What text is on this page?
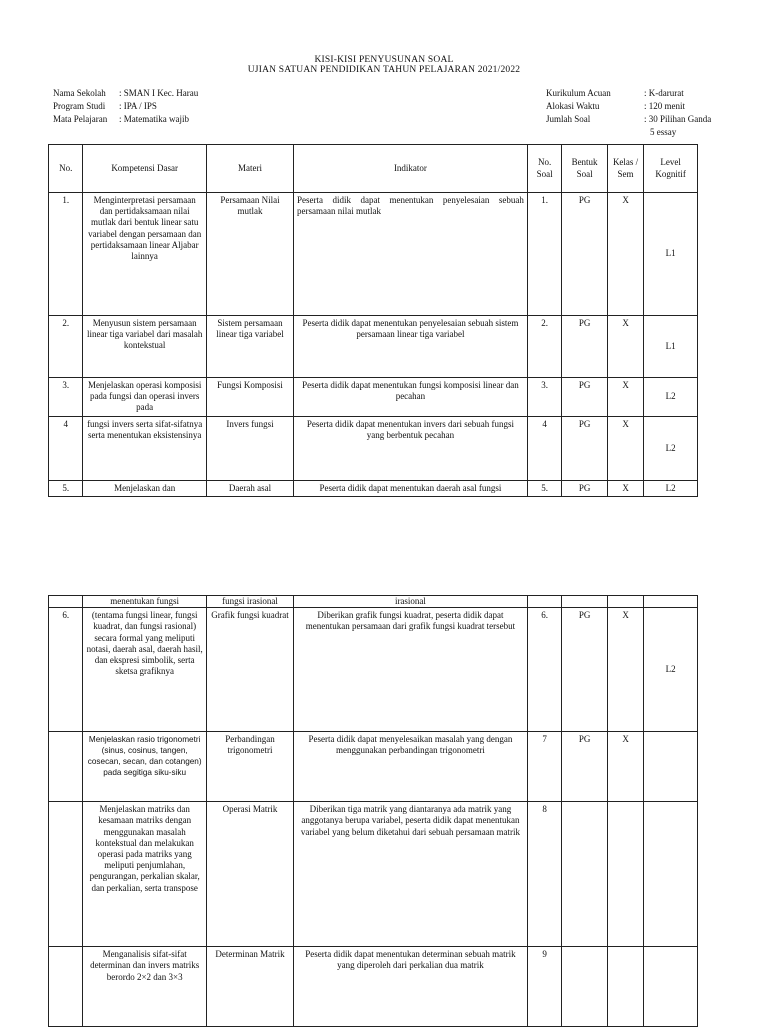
KISI-KISI PENYUSUNAN SOAL
UJIAN SATUAN PENDIDIKAN TAHUN PELAJARAN 2021/2022
Nama Sekolah	: SMAN I Kec. Harau
Program Studi	: IPA / IPS
Mata Pelajaran	: Matematika wajib
Kurikulum Acuan	: K-darurat
Alokasi Waktu	: 120 menit
Jumlah Soal	: 30 Pilihan Ganda
	5 essay
No.	Kompetensi Dasar	Materi	Indikator	No. Soal	Bentuk Soal	Kelas / Sem	Level Kognitif
1.	Menginterpretasi persamaan dan pertidaksamaan nilai mutlak dari bentuk linear satu variabel dengan persamaan dan pertidaksamaan linear Aljabar lainnya	Persamaan Nilai mutlak	Peserta didik dapat menentukan penyelesaian sebuah persamaan nilai mutlak	1.	PG	X	L1
2.	Menyusun sistem persamaan linear tiga variabel dari masalah kontekstual	Sistem persamaan linear tiga variabel	Peserta didik dapat menentukan penyelesaian sebuah sistem persamaan linear tiga variabel	2.	PG	X	L1
3.	Menjelaskan operasi komposisi pada fungsi dan operasi invers pada	Fungsi Komposisi	Peserta didik dapat menentukan fungsi komposisi linear dan pecahan	3.	PG	X	L2
4	fungsi invers serta sifat-sifatnya serta menentukan eksistensinya	Invers fungsi	Peserta didik dapat menentukan invers dari sebuah fungsi yang berbentuk pecahan	4	PG	X	L2
5.	Menjelaskan dan	Daerah asal	Peserta didik dapat menentukan daerah asal fungsi	5.	PG	X	L2
	menentukan fungsi	fungsi irasional	irasional				
6.	(tentama fungsi linear, fungsi kuadrat, dan fungsi rasional) secara formal yang meliputi notasi, daerah asal, daerah hasil, dan ekspresi simbolik, serta sketsa grafiknya	Grafik fungsi kuadrat	Diberikan grafik fungsi kuadrat, peserta didik dapat menentukan persamaan dari grafik fungsi kuadrat tersebut	6.	PG	X	L2
	Menjelaskan rasio trigonometri (sinus, cosinus, tangen, cosecan, secan, dan cotangen) pada segitiga siku-siku	Perbandingan trigonometri	Peserta didik dapat menyelesaikan masalah yang dengan menggunakan perbandingan trigonometri	7	PG	X	
	Menjelaskan matriks dan kesamaan matriks dengan menggunakan masalah kontekstual dan melakukan operasi pada matriks yang meliputi penjumlahan, pengurangan, perkalian skalar, dan perkalian, serta transpose	Operasi Matrik	Diberikan tiga matrik yang diantaranya ada matrik yang anggotanya berupa variabel, peserta didik dapat menentukan variabel yang belum diketahui dari sebuah persamaan matrik	8			
	Menganalisis sifat-sifat determinan dan invers matriks berordo 2×2 dan 3×3	Determinan Matrik	Peserta didik dapat menentukan determinan sebuah matrik yang diperoleh dari perkalian dua matrik	9			
